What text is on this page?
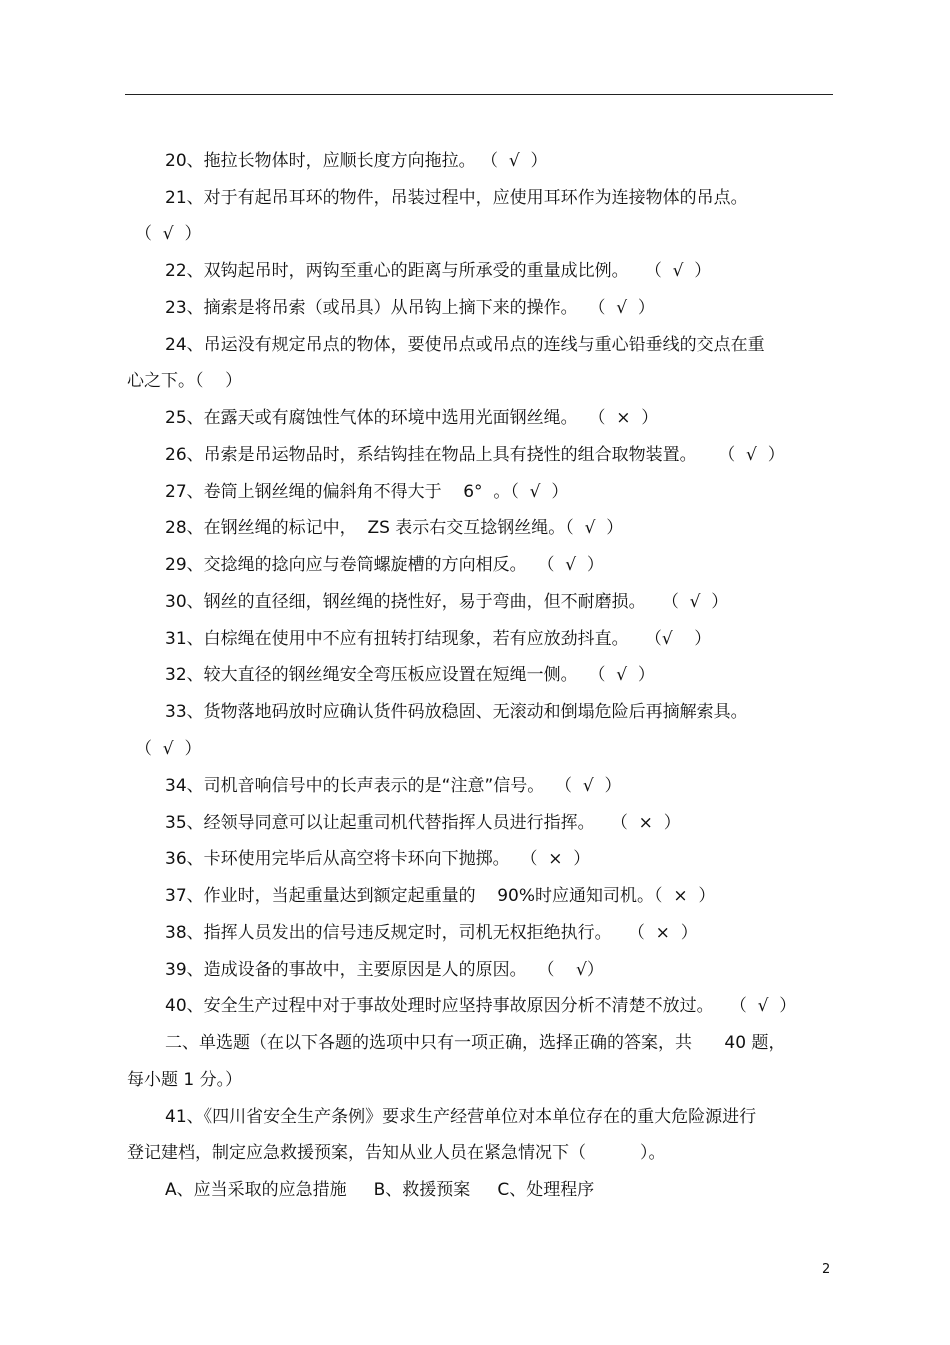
20、拖拉长物体时，应顺长度方向拖拉。 （  √  ）
21、对于有起吊耳环的物件，吊装过程中，应使用耳环作为连接物体的吊点。
（  √  ）
22、双钩起吊时，两钩至重心的距离与所承受的重量成比例。   （  √  ）
23、摘索是将吊索（或吊具）从吊钩上摘下来的操作。  （  √  ）
24、吊运没有规定吊点的物体，要使吊点或吊点的连线与重心铅垂线的交点在重
心之下。（    ）
25、在露天或有腐蚀性气体的环境中选用光面钢丝绳。  （  ×  ）
26、吊索是吊运物品时，系结钩挂在物品上具有挠性的组合取物装置。    （  √  ）
27、卷筒上钢丝绳的偏斜角不得大于    6°  。（  √  ）
28、在钢丝绳的标记中，  ZS 表示右交互捻钢丝绳。（  √  ）
29、交捻绳的捻向应与卷筒螺旋槽的方向相反。  （  √  ）
30、钢丝的直径细，钢丝绳的挠性好，易于弯曲，但不耐磨损。   （  √  ）
31、白棕绳在使用中不应有扭转打结现象，若有应放劲抖直。   （√    ）
32、较大直径的钢丝绳安全弯压板应设置在短绳一侧。  （  √  ）
33、货物落地码放时应确认货件码放稳固、无滚动和倒塌危险后再摘解索具。
（  √  ）
34、司机音响信号中的长声表示的是“注意”信号。  （  √  ）
35、经领导同意可以让起重司机代替指挥人员进行指挥。   （  ×  ）
36、卡环使用完毕后从高空将卡环向下抛掷。  （  ×  ）
37、作业时，当起重量达到额定起重量的    90%时应通知司机。（  ×  ）
38、指挥人员发出的信号违反规定时，司机无权拒绝执行。   （  ×  ）
39、造成设备的事故中，主要原因是人的原因。  （    √）
40、安全生产过程中对于事故处理时应坚持事故原因分析不清楚不放过。   （  √  ）
二、单选题（在以下各题的选项中只有一项正确，选择正确的答案，共      40 题，
每小题 1 分。）
41、《四川省安全生产条例》要求生产经营单位对本单位存在的重大危险源进行
登记建档，制定应急救援预案，告知从业人员在紧急情况下（          ）。
A、应当采取的应急措施     B、救援预案     C、处理程序
2
